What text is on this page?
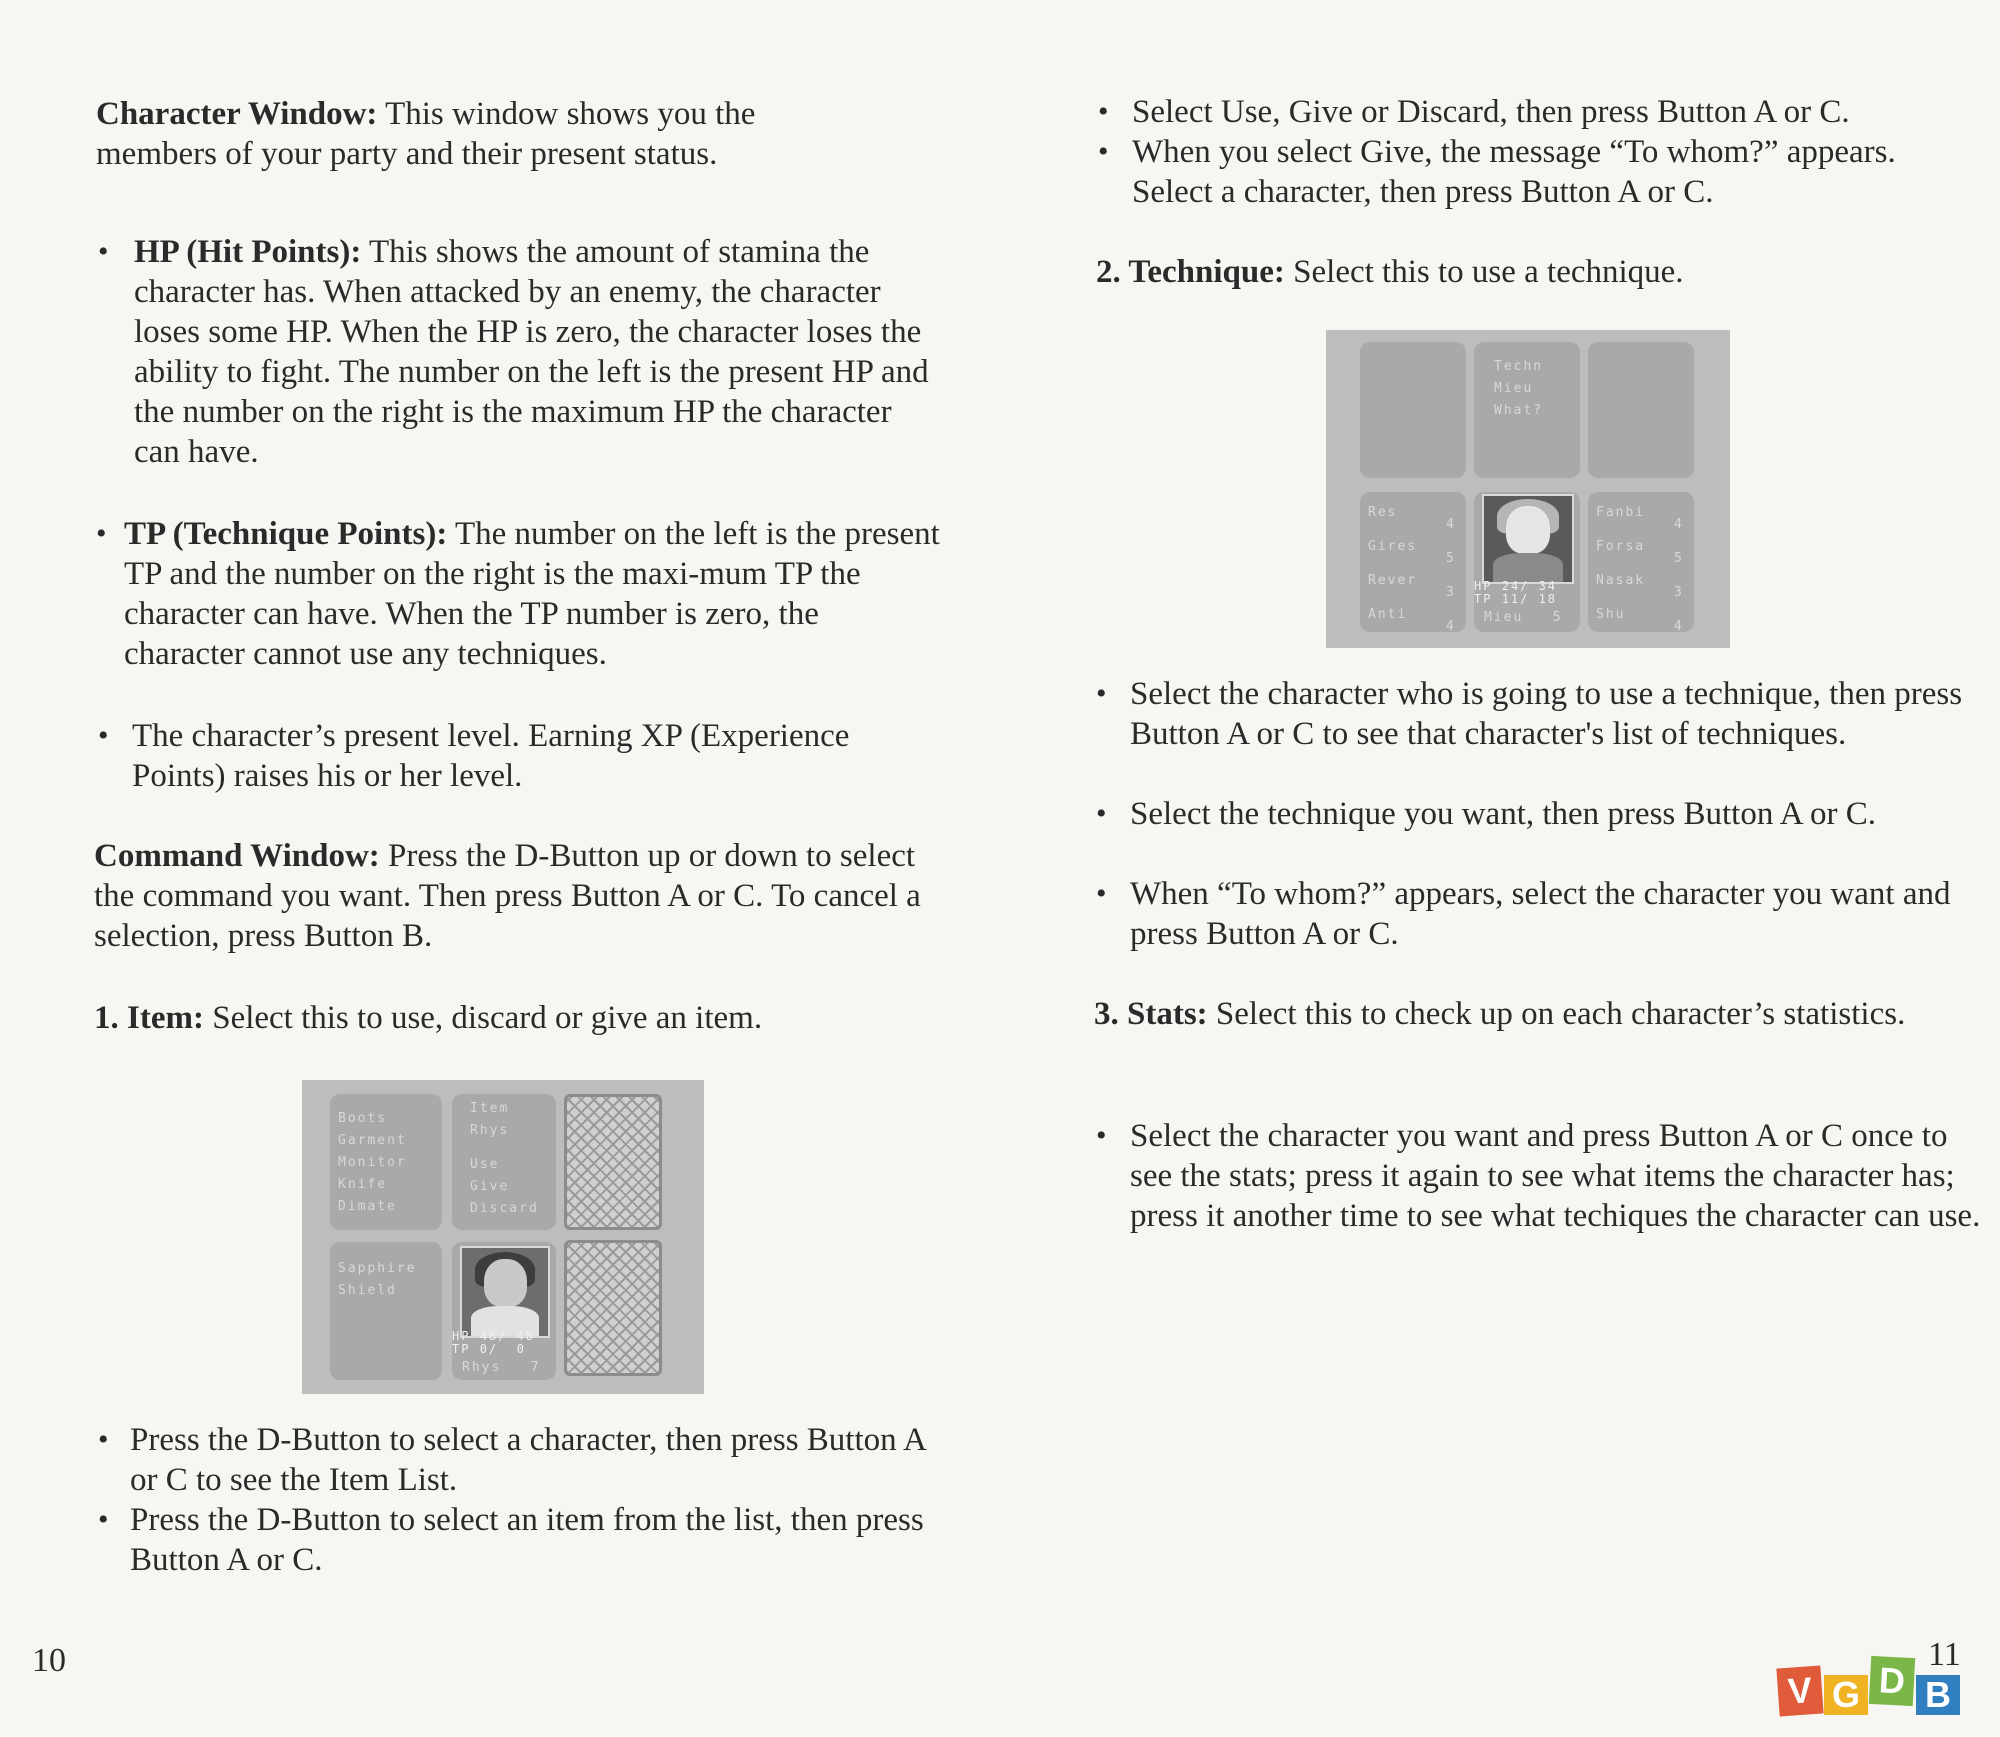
Character Window: This window shows you the members of your party and their present status.

• HP (Hit Points): This shows the amount of stamina the character has. When attacked by an enemy, the character loses some HP. When the HP is zero, the character loses the ability to fight. The number on the left is the present HP and the number on the right is the maximum HP the character can have.
• TP (Technique Points): The number on the left is the present TP and the number on the right is the maxi-mum TP the character can have. When the TP number is zero, the character cannot use any techniques.
• The character’s present level. Earning XP (Experience Points) raises his or her level.

Command Window: Press the D-Button up or down to select the command you want. Then press Button A or C. To cancel a selection, press Button B.

1. Item: Select this to use, discard or give an item.

Boots
Garment
Monitor
Knife
Dimate
Item
Rhys
Use
Give
Discard
Sapphire
Shield
HP 48/ 48
TP 0/  0
Rhys 7
• Press the D-Button to select a character, then press Button A or C to see the Item List.
• Press the D-Button to select an item from the list, then press Button A or C.
10
• Select Use, Give or Discard, then press Button A or C.
• When you select Give, the message “To whom?” appears. Select a character, then press Button A or C.

2. Technique: Select this to use a technique.

Techn
Mieu
What?
Res
Gires
Rever
Anti
4
5
3
4
HP 24/ 34
TP 11/ 18
Mieu 5
Fanbi
Forsa
Nasak
Shu
4
5
3
4
• Select the character who is going to use a technique, then press Button A or C to see that character's list of techniques.
• Select the technique you want, then press Button A or C.
• When “To whom?” appears, select the character you want and press Button A or C.

3. Stats: Select this to check up on each character’s statistics.

• Select the character you want and press Button A or C once to see the stats; press it again to see what items the character has; press it another time to see what techiques the character can use.
11
V G D B
